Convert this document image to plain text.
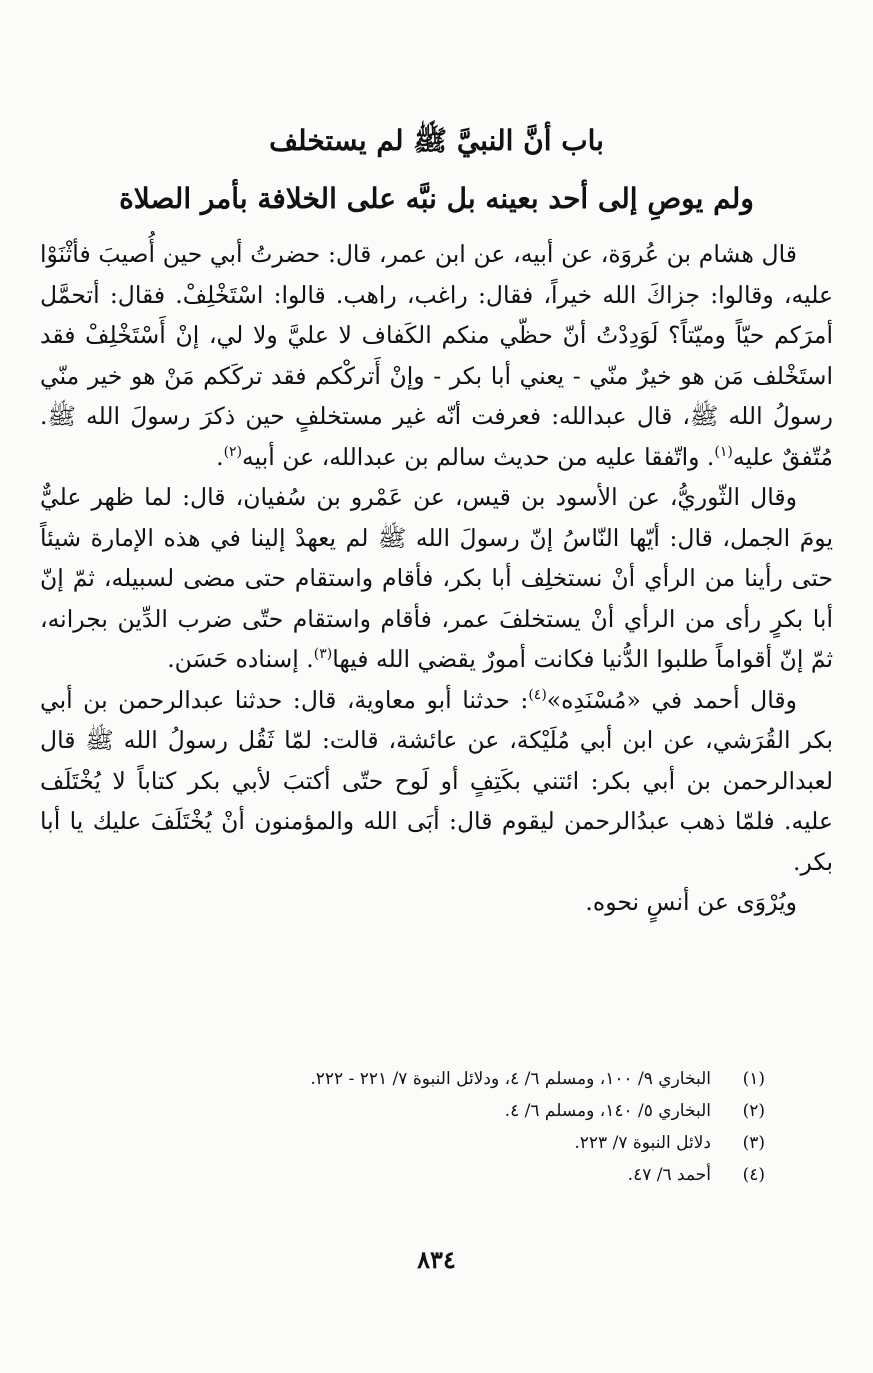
باب أنَّ النبيَّ ﷺ لم يستخلف
ولم يوصِ إلى أحد بعينه بل نبَّه على الخلافة بأمر الصلاة

قال هشام بن عُروَة، عن أبيه، عن ابن عمر، قال: حضرتُ أبي حين أُصيبَ فأثْنَوْا عليه، وقالوا: جزاكَ الله خيراً، فقال: راغب، راهب. قالوا: اسْتَخْلِفْ. فقال: أتحمَّل أمرَكم حيّاً وميّتاً؟ لَوَدِدْتُ أنّ حظّي منكم الكَفاف لا عليَّ ولا لي، إنْ أَسْتَخْلِفْ فقد استَخْلف مَن هو خيرٌ منّي - يعني أبا بكر - وإنْ أَتركْكم فقد تركَكم مَنْ هو خير منّي رسولُ الله ﷺ، قال عبدالله: فعرفت أنّه غير مستخلفٍ حين ذكرَ رسولَ الله ﷺ. مُتّفقٌ عليه$^{(١)}$. واتّفقا عليه من حديث سالم بن عبدالله، عن أبيه$^{(٢)}$.

وقال الثّوريُّ، عن الأسود بن قيس، عن عَمْرو بن سُفيان، قال: لما ظهر عليٌّ يومَ الجمل، قال: أيّها النّاسُ إنّ رسولَ الله ﷺ لم يعهدْ إلينا في هذه الإمارة شيئاً حتى رأينا من الرأي أنْ نستخلِف أبا بكر، فأقام واستقام حتى مضى لسبيله، ثمّ إنّ أبا بكرٍ رأى من الرأي أنْ يستخلفَ عمر، فأقام واستقام حتّى ضرب الدِّين بجرانه، ثمّ إنّ أقواماً طلبوا الدُّنيا فكانت أمورٌ يقضي الله فيها$^{(٣)}$. إسناده حَسَن.

وقال أحمد في «مُسْنَدِه»$^{(٤)}$: حدثنا أبو معاوية، قال: حدثنا عبدالرحمن بن أبي بكر القُرَشي، عن ابن أبي مُلَيْكة، عن عائشة، قالت: لمّا ثَقُل رسولُ الله ﷺ قال لعبدالرحمن بن أبي بكر: ائتني بكَتِفٍ أو لَوح حتّى أكتبَ لأبي بكر كتاباً لا يُخْتَلَف عليه. فلمّا ذهب عبدُالرحمن ليقوم قال: أبَى الله والمؤمنون أنْ يُخْتَلَفَ عليك يا أبا بكر.

ويُرْوَى عن أنسٍ نحوه.

(١)
البخاري ٩/ ١٠٠، ومسلم ٦/ ٤، ودلائل النبوة ٧/ ٢٢١ - ٢٢٢.
(٢)
البخاري ٥/ ١٤٠، ومسلم ٦/ ٤.
(٣)
دلائل النبوة ٧/ ٢٢٣.
(٤)
أحمد ٦/ ٤٧.
٨٣٤
